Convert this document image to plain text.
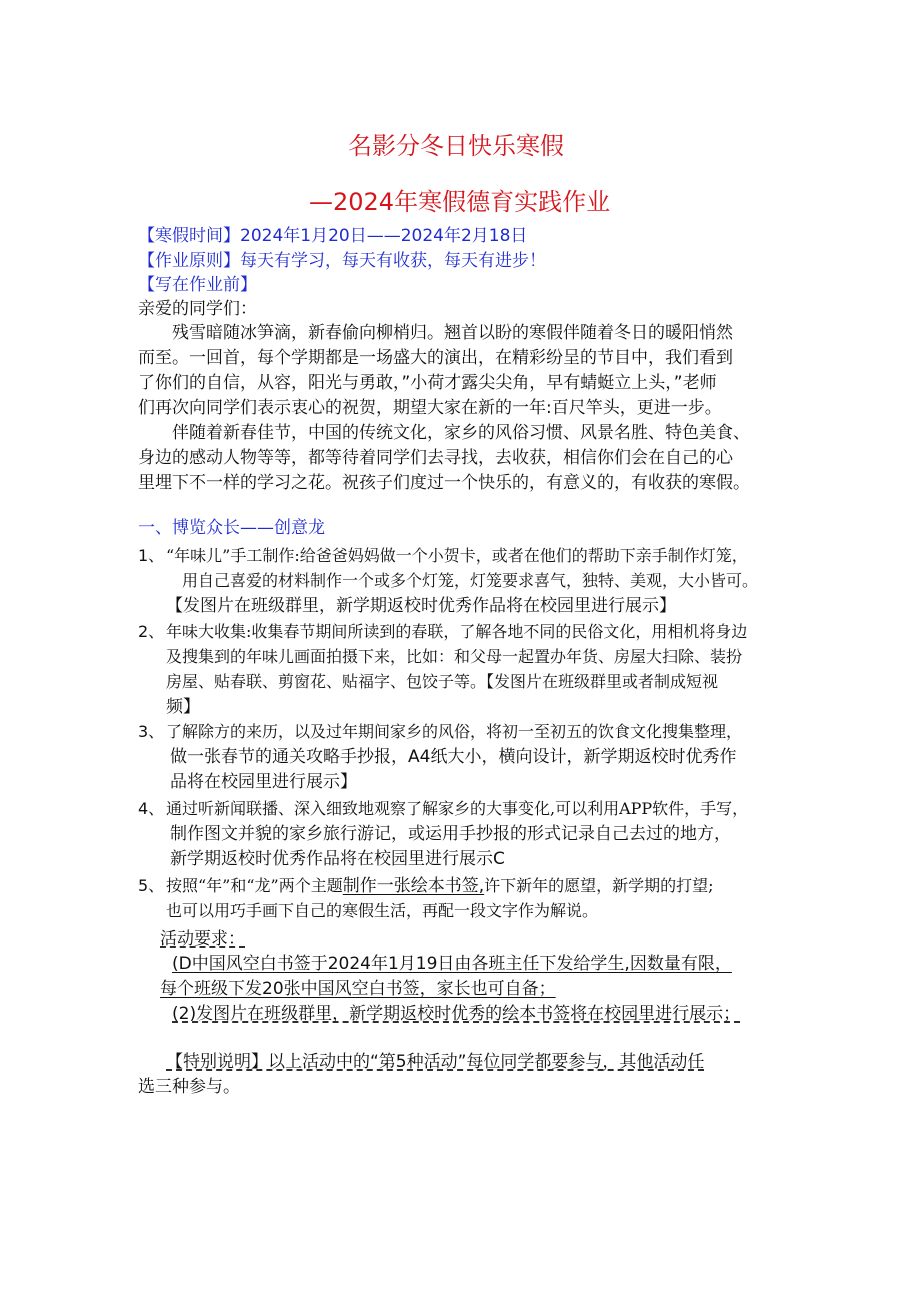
名影分冬日快乐寒假
—2024年寒假德育实践作业
【寒假时间】2024年1月20日——2024年2月18日
【作业原则】每天有学习，每天有收获，每天有进步！
【写在作业前】
亲爱的同学们：
残雪暗随冰笋滴，新春偷向柳梢归。翘首以盼的寒假伴随着冬日的暖阳悄然
而至。一回首，每个学期都是一场盛大的演出，在精彩纷呈的节目中，我们看到
了你们的自信，从容，阳光与勇敢，”小荷才露尖尖角，早有蜻蜓立上头，”老师
们再次向同学们表示衷心的祝贺，期望大家在新的一年:百尺竿头，更进一步。
伴随着新春佳节，中国的传统文化，家乡的风俗习惯、风景名胜、特色美食、
身边的感动人物等等，都等待着同学们去寻找，去收获，相信你们会在自己的心
里埋下不一样的学习之花。祝孩子们度过一个快乐的，有意义的，有收获的寒假。
一、博览众长——创意龙
1、 “年味儿”手工制作:给爸爸妈妈做一个小贺卡，或者在他们的帮助下亲手制作灯笼，
用自己喜爱的材料制作一个或多个灯笼，灯笼要求喜气，独特、美观，大小皆可。
【发图片在班级群里，新学期返校时优秀作品将在校园里进行展示】
2、 年味大收集:收集春节期间所读到的春联，了解各地不同的民俗文化，用相机将身边
及搜集到的年味儿画面拍摄下来，比如：和父母一起置办年货、房屋大扫除、装扮
房屋、贴春联、剪窗花、贴福字、包饺子等。【发图片在班级群里或者制成短视
频】
3、 了解除方的来历，以及过年期间家乡的风俗，将初一至初五的饮食文化搜集整理，
做一张春节的通关攻略手抄报，A4纸大小，横向设计，新学期返校时优秀作
品将在校园里进行展示】
4、 通过听新闻联播、深入细致地观察了解家乡的大事变化,可以利用APP软件，手写，
制作图文并貌的家乡旅行游记，或运用手抄报的形式记录自己去过的地方，
新学期返校时优秀作品将在校园里进行展示C
5、 按照“年”和“龙”两个主题制作一张绘本书签,许下新年的愿望，新学期的打望;
也可以用巧手画下自己的寒假生活，再配一段文字作为解说。
活动要求：
(D中国风空白书签于2024年1月19日由各班主任下发给学生,因数量有限，
每个班级下发20张中国风空白书签，家长也可自备；
(2)发图片在班级群里，新学期返校时优秀的绘本书签将在校园里进行展示；
【特别说明】以上活动中的“第5种活动”每位同学都要参与，其他活动任
选三种参与。
